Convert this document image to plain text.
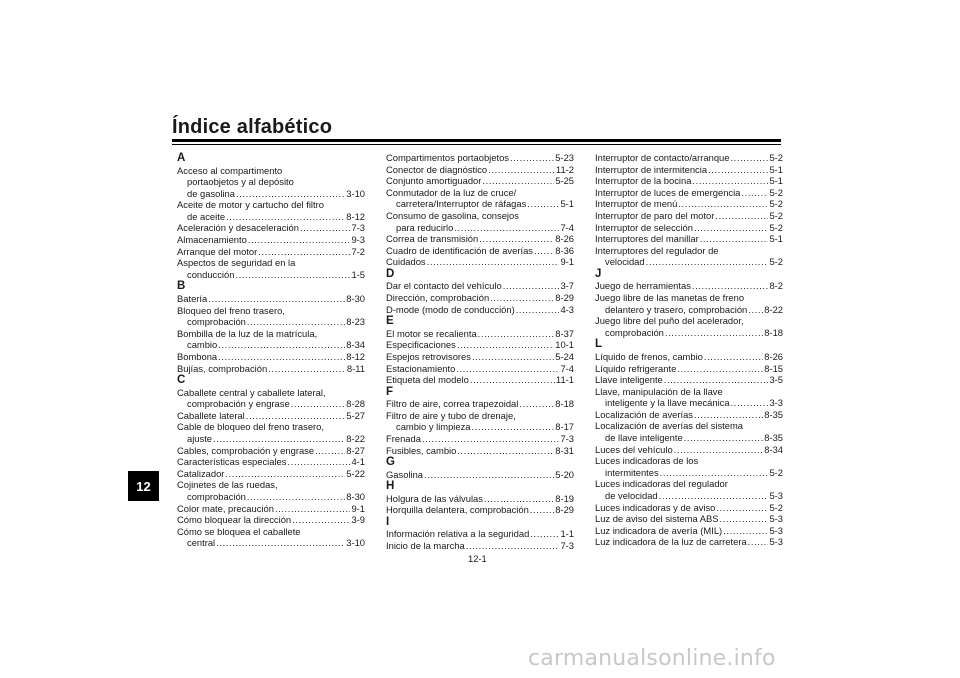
Índice alfabético
12
A
Acceso al compartimento
portaobjetos y al depósito
de gasolina .....	3-10
Aceite de motor y cartucho del filtro
de aceite .....	8-12
Aceleración y desaceleración .....	7-3
Almacenamiento .....	9-3
Arranque del motor .....	7-2
Aspectos de seguridad en la
conducción .....	1-5
B
Batería .....	8-30
Bloqueo del freno trasero,
comprobación .....	8-23
Bombilla de la luz de la matrícula,
cambio .....	8-34
Bombona .....	8-12
Bujías, comprobación .....	8-11
C
Caballete central y caballete lateral,
comprobación y engrase .....	8-28
Caballete lateral .....	5-27
Cable de bloqueo del freno trasero,
ajuste .....	8-22
Cables, comprobación y engrase .....	8-27
Características especiales .....	4-1
Catalizador .....	5-22
Cojinetes de las ruedas,
comprobación .....	8-30
Color mate, precaución .....	9-1
Cómo bloquear la dirección .....	3-9
Cómo se bloquea el caballete
central .....	3-10
Compartimentos portaobjetos .....	5-23
Conector de diagnóstico .....	11-2
Conjunto amortiguador .....	5-25
Conmutador de la luz de cruce/
carretera/Interruptor de ráfagas .....	5-1
Consumo de gasolina, consejos
para reducirlo .....	7-4
Correa de transmisión .....	8-26
Cuadro de identificación de averías ..... 8-36
Cuidados .....	9-1
D
Dar el contacto del vehículo .....	3-7
Dirección, comprobación .....	8-29
D-mode (modo de conducción) .....	4-3
E
El motor se recalienta .....	8-37
Especificaciones .....	10-1
Espejos retrovisores .....	5-24
Estacionamiento .....	7-4
Etiqueta del modelo .....	11-1
F
Filtro de aire, correa trapezoidal .....	8-18
Filtro de aire y tubo de drenaje,
cambio y limpieza .....	8-17
Frenada .....	7-3
Fusibles, cambio .....	8-31
G
Gasolina .....	5-20
H
Holgura de las válvulas .....	8-19
Horquilla delantera, comprobación .....	8-29
I
Información relativa a la seguridad .....	1-1
Inicio de la marcha .....	7-3
Interruptor de contacto/arranque .....	5-2
Interruptor de intermitencia .....	5-1
Interruptor de la bocina .....	5-1
Interruptor de luces de emergencia .....	5-2
Interruptor de menú .....	5-2
Interruptor de paro del motor .....	5-2
Interruptor de selección .....	5-2
Interruptores del manillar .....	5-1
Interruptores del regulador de
velocidad .....	5-2
J
Juego de herramientas .....	8-2
Juego libre de las manetas de freno
delantero y trasero, comprobación ..... 8-22
Juego libre del puño del acelerador,
comprobación .....	8-18
L
Líquido de frenos, cambio .....	8-26
Líquido refrigerante .....	8-15
Llave inteligente .....	3-5
Llave, manipulación de la llave
inteligente y la llave mecánica .....	3-3
Localización de averías .....	8-35
Localización de averías del sistema
de llave inteligente .....	8-35
Luces del vehículo .....	8-34
Luces indicadoras de los
intermitentes .....	5-2
Luces indicadoras del regulador
de velocidad .....	5-3
Luces indicadoras y de aviso .....	5-2
Luz de aviso del sistema ABS .....	5-3
Luz indicadora de avería (MIL) .....	5-3
Luz indicadora de la luz de carretera ..... 5-3
12-1
carmanualsonline.info
